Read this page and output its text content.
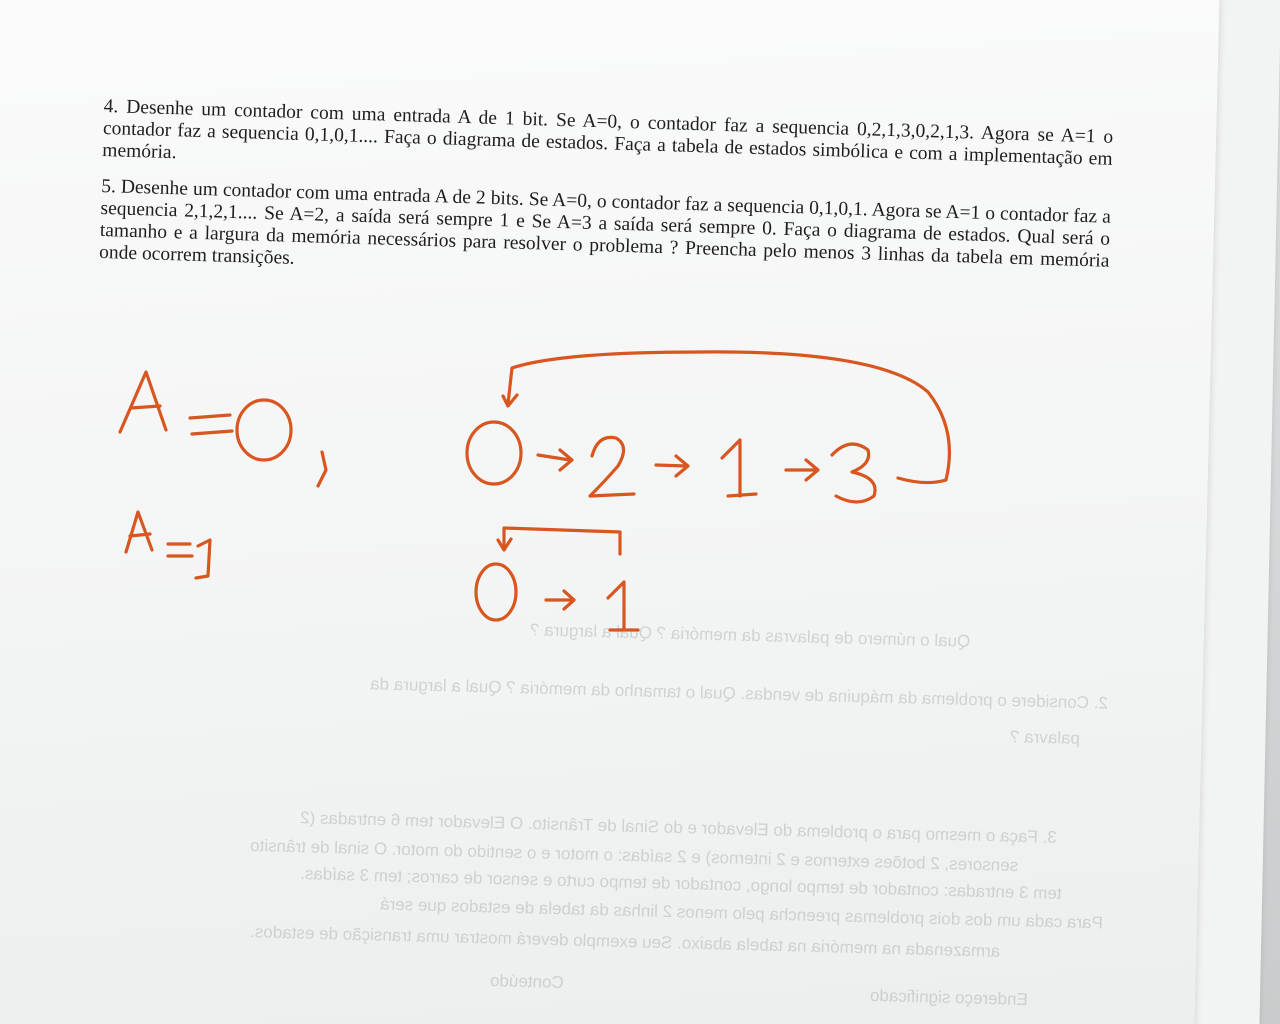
Qual o número de palavras da memória ? Qual a largura ?
2. Considere o problema da máquina de vendas. Qual o tamanho da memória ? Qual a largura da
palavra ?
3. Faça o mesmo para o problema do Elevador e do Sinal de Trânsito. O Elevador tem 6 entradas (2
sensores, 2 botões externos e 2 internos) e 2 saídas: o motor e o sentido do motor. O sinal de trânsito
tem 3 entradas: contador de tempo longo, contador de tempo curto e sensor de carros; tem 3 saídas.
Para cada um dos dois problemas preencha pelo menos 2 linhas da tabela de estados que será
armazenada na memória na tabela abaixo. Seu exemplo deverá mostrar uma transição de estados.
Conteúdo
Endereço significado

4. Desenhe um contador com uma entrada A de 1 bit. Se A=0, o contador faz a sequencia 0,2,1,3,0,2,1,3. Agora se A=1 o contador faz a sequencia 0,1,0,1.... Faça o diagrama de estados. Faça a tabela de estados simbólica e com a implementação em memória.

5. Desenhe um contador com uma entrada A de 2 bits. Se A=0, o contador faz a sequencia 0,1,0,1. Agora se A=1 o contador faz a sequencia 2,1,2,1.... Se A=2, a saída será sempre 1 e Se A=3 a saída será sempre 0. Faça o diagrama de estados. Qual será o tamanho e a largura da memória necessários para resolver o problema ? Preencha pelo menos 3 linhas da tabela em memória onde ocorrem transições.
